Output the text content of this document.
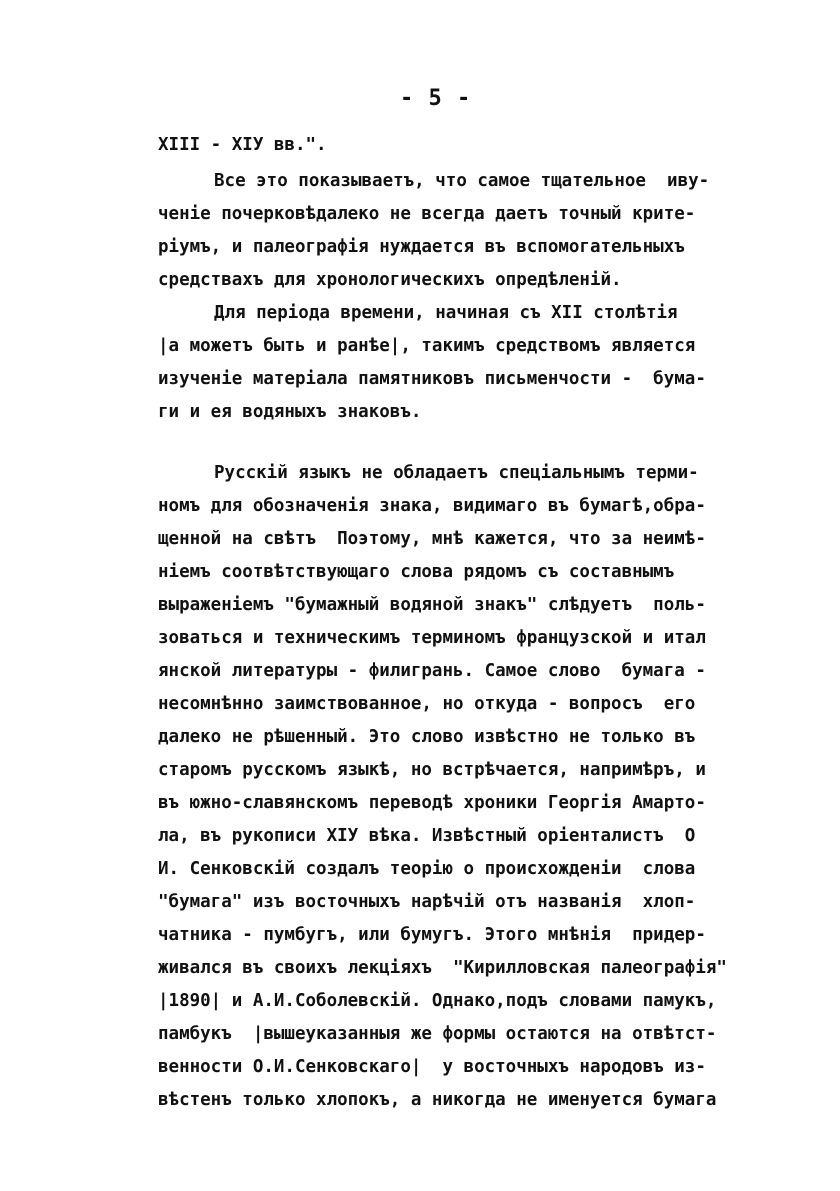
- 5 -
XIII - XIУ вв.".
Все это показываетъ, что самое тщательное  иву-
ченіе почерковѣдалеко не всегда даетъ точный крите-
ріумъ, и палеографія нуждается въ вспомогательныхъ
средствахъ для хронологическихъ опредѣленій.
Для періода времени, начиная съ XII столѣтія
|а можетъ быть и ранѣе|, такимъ средствомъ является
изученіе матеріала памятниковъ письменчости -  бума-
ги и ея водяныхъ знаковъ.
Русскій языкъ не обладаетъ спеціальнымъ терми-
номъ для обозначенія знака, видимаго въ бумагѣ,обра-
щенной на свѣтъ  Поэтому, мнѣ кажется, что за неимѣ-
ніемъ соотвѣтствующаго слова рядомъ съ составнымъ
выраженіемъ "бумажный водяной знакъ" слѣдуетъ  поль-
зоваться и техническимъ терминомъ французской и итал
янской литературы - филигрань. Самое слово  бумага -
несомнѣнно заимствованное, но откуда - вопросъ  его
далеко не рѣшенный. Это слово извѣстно не только въ
старомъ русскомъ языкѣ, но встрѣчается, напримѣръ, и
въ южно-славянскомъ переводѣ хроники Георгія Амарто-
ла, въ рукописи XIУ вѣка. Извѣстный оріенталистъ  О
И. Сенковскій создалъ теорію о происхожденіи  слова
"бумага" изъ восточныхъ нарѣчій отъ названія  хлоп-
чатника - пумбугъ, или бумугъ. Этого мнѣнія  придер-
живался въ своихъ лекціяхъ  "Кирилловская палеографія"
|1890| и А.И.Соболевскій. Однако,подъ словами памукъ,
памбукъ  |вышеуказанныя же формы остаются на отвѣтст-
венности О.И.Сенковскаго|  у восточныхъ народовъ из-
вѣстенъ только хлопокъ, а никогда не именуется бумага
